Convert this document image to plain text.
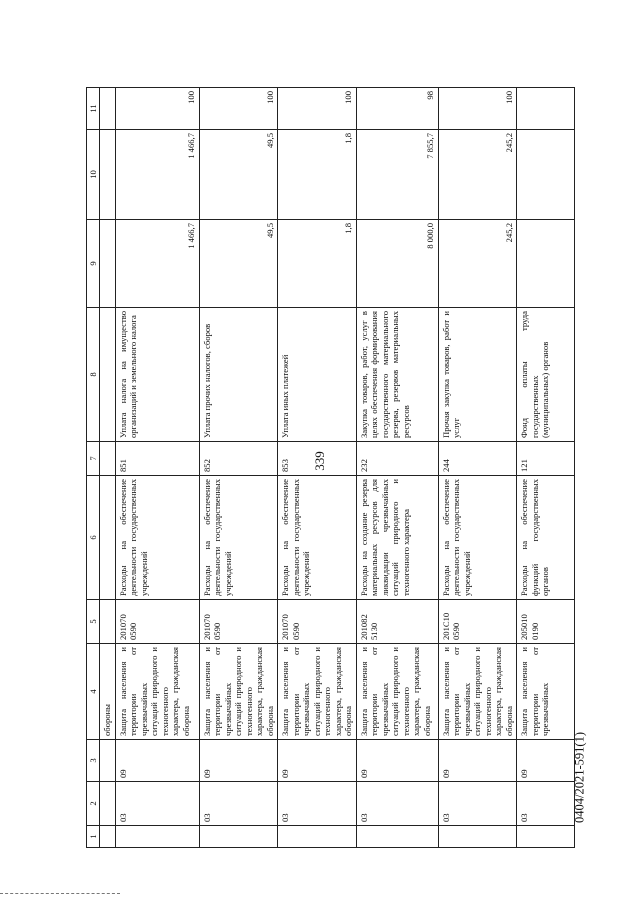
339
0404/2021-591(1)
1	2	3	4	5	6	7	8	9	10	11
			обороны							
	03	09	Защита населения и территории от чрезвычайных ситуаций природного и техногенного характера, гражданская оборона	201070 0590	Расходы на обеспечение деятельности государственных учреждений	851	Уплата налога на имущество организаций и земельного налога	1 466,7	1 466,7	100
	03	09	Защита населения и территории от чрезвычайных ситуаций природного и техногенного характера, гражданская оборона	201070 0590	Расходы на обеспечение деятельности государственных учреждений	852	Уплата прочих налогов, сборов	49,5	49,5	100
	03	09	Защита населения и территории от чрезвычайных ситуаций природного и техногенного характера, гражданская оборона	201070 0590	Расходы на обеспечение деятельности государственных учреждений	853	Уплата иных платежей	1,8	1,8	100
	03	09	Защита населения и территории от чрезвычайных ситуаций природного и техногенного характера, гражданская оборона	201082 5130	Расходы на создание резерва материальных ресурсов для ликвидации чрезвычайных ситуаций природного и техногенного характера	232	Закупка товаров, работ, услуг в целях обеспечения формирования государственного материального резерва, резервов материальных ресурсов	8 000,0	7 855,7	98
	03	09	Защита населения и территории от чрезвычайных ситуаций природного и техногенного характера, гражданская оборона	201С10 0590	Расходы на обеспечение деятельности государственных учреждений	244	Прочая закупка товаров, работ и услуг	245,2	245,2	100
	03	09	Защита населения и территории от чрезвычайных	205010 0190	Расходы на обеспечение функций государственных органов	121	Фонд оплаты труда государственных (муниципальных) органов			
